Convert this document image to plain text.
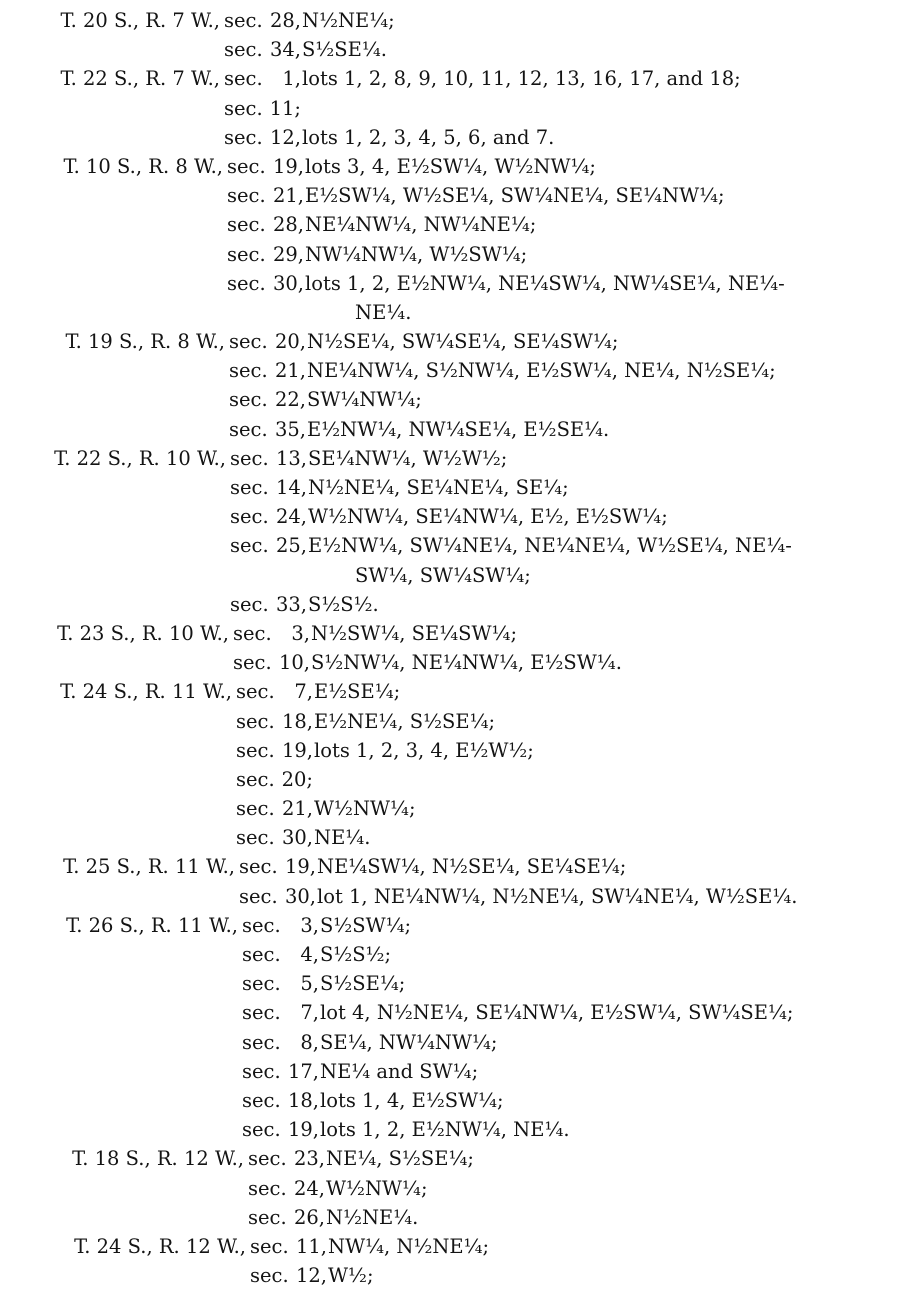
T. 20 S., R. 7 W., sec. 28, N½NE¼;
sec. 34, S½SE¼.
T. 22 S., R. 7 W., sec.	1, lots 1, 2, 8, 9, 10, 11, 12, 13, 16, 17, and 18;
sec. 11;
sec. 12, lots 1, 2, 3, 4, 5, 6, and 7.
T. 10 S., R. 8 W., sec. 19, lots 3, 4, E½SW¼, W½NW¼;
sec. 21, E½SW¼, W½SE¼, SW¼NE¼, SE¼NW¼;
sec. 28, NE¼NW¼, NW¼NE¼;
sec. 29, NW¼NW¼, W½SW¼;
sec. 30, lots 1, 2, E½NW¼, NE¼SW¼, NW¼SE¼, NE¼-
NE¼.
T. 19 S., R. 8 W., sec. 20, N½SE¼, SW¼SE¼, SE¼SW¼;
sec. 21, NE¼NW¼, S½NW¼, E½SW¼, NE¼, N½SE¼;
sec. 22, SW¼NW¼;
sec. 35, E½NW¼, NW¼SE¼, E½SE¼.
T. 22 S., R. 10 W., sec. 13, SE¼NW¼, W½W½;
sec. 14, N½NE¼, SE¼NE¼, SE¼;
sec. 24, W½NW¼, SE¼NW¼, E½, E½SW¼;
sec. 25, E½NW¼, SW¼NE¼, NE¼NE¼, W½SE¼, NE¼-
SW¼, SW¼SW¼;
sec. 33, S½S½.
T. 23 S., R. 10 W., sec.	3, N½SW¼, SE¼SW¼;
sec. 10, S½NW¼, NE¼NW¼, E½SW¼.
T. 24 S., R. 11 W., sec.	7, E½SE¼;
sec. 18, E½NE¼, S½SE¼;
sec. 19, lots 1, 2, 3, 4, E½W½;
sec. 20;
sec. 21, W½NW¼;
sec. 30, NE¼.
T. 25 S., R. 11 W., sec. 19, NE¼SW¼, N½SE¼, SE¼SE¼;
sec. 30, lot 1, NE¼NW¼, N½NE¼, SW¼NE¼, W½SE¼.
T. 26 S., R. 11 W., sec.	3, S½SW¼;
sec.	4, S½S½;
sec.	5, S½SE¼;
sec.	7, lot 4, N½NE¼, SE¼NW¼, E½SW¼, SW¼SE¼;
sec.	8, SE¼, NW¼NW¼;
sec. 17, NE¼ and SW¼;
sec. 18, lots 1, 4, E½SW¼;
sec. 19, lots 1, 2, E½NW¼, NE¼.
T. 18 S., R. 12 W., sec. 23, NE¼, S½SE¼;
sec. 24, W½NW¼;
sec. 26, N½NE¼.
T. 24 S., R. 12 W., sec. 11, NW¼, N½NE¼;
sec. 12, W½;
